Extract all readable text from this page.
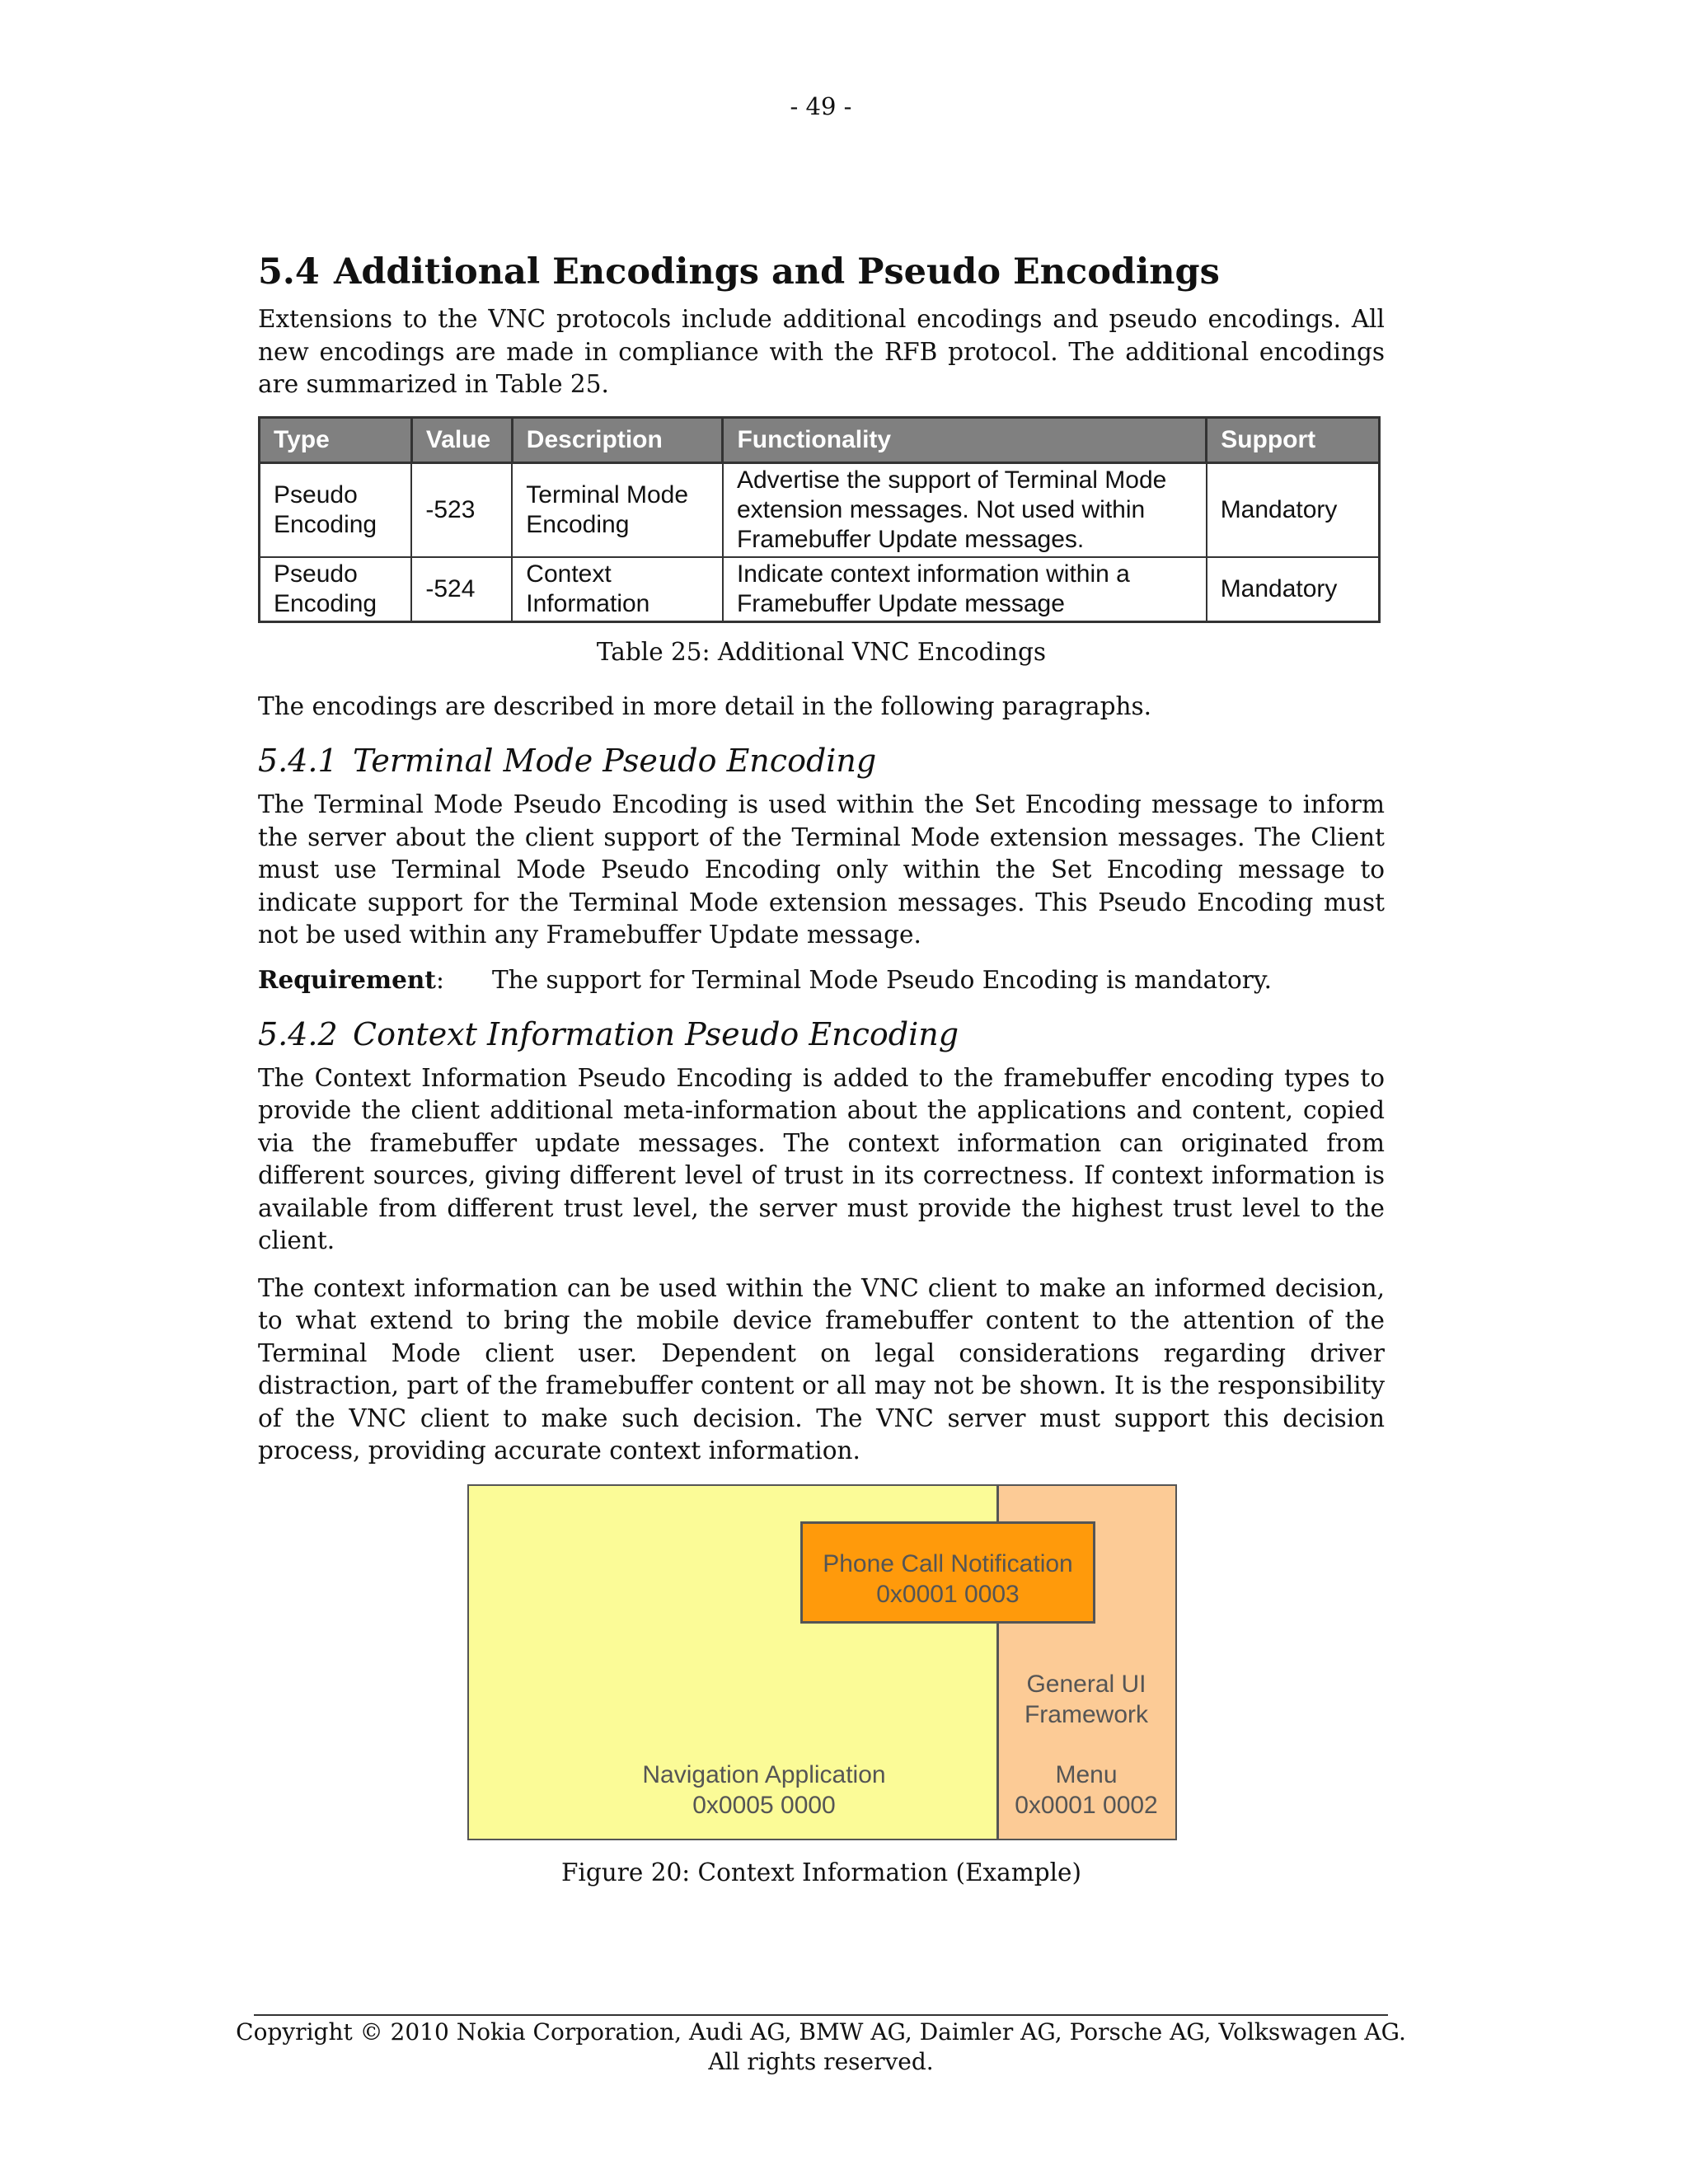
- 49 -
5.4 Additional Encodings and Pseudo Encodings

Extensions to the VNC protocols include additional encodings and pseudo encodings. All new encodings are made in compliance with the RFB protocol. The additional encodings are summarized in Table 25.

Type	Value	Description	Functionality	Support
Pseudo Encoding	-523	Terminal Mode Encoding	Advertise the support of Terminal Mode extension messages. Not used within Framebuffer Update messages.	Mandatory
Pseudo Encoding	-524	Context Information	Indicate context information within a Framebuffer Update message	Mandatory
Table 25: Additional VNC Encodings

The encodings are described in more detail in the following paragraphs.

5.4.1 Terminal Mode Pseudo Encoding

The Terminal Mode Pseudo Encoding is used within the Set Encoding message to inform the server about the client support of the Terminal Mode extension messages. The Client must use Terminal Mode Pseudo Encoding only within the Set Encoding message to indicate support for the Terminal Mode extension messages. This Pseudo Encoding must not be used within any Framebuffer Update message.

Requirement:	The support for Terminal Mode Pseudo Encoding is mandatory.
5.4.2 Context Information Pseudo Encoding

The Context Information Pseudo Encoding is added to the framebuffer encoding types to provide the client additional meta-information about the applications and content, copied via the framebuffer update messages. The context information can originated from different sources, giving different level of trust in its correctness. If context information is available from different trust level, the server must provide the highest trust level to the client.

The context information can be used within the VNC client to make an informed decision, to what extend to bring the mobile device framebuffer content to the attention of the Terminal Mode client user. Dependent on legal considerations regarding driver distraction, part of the framebuffer content or all may not be shown. It is the responsibility of the VNC client to make such decision. The VNC server must support this decision process, providing accurate context information.

Phone Call Notification
0x0001 0003
General UI
Framework
Menu
0x0001 0002
Navigation Application
0x0005 0000
Figure 20: Context Information (Example)
Copyright © 2010 Nokia Corporation, Audi AG, BMW AG, Daimler AG, Porsche AG, Volkswagen AG.
All rights reserved.
